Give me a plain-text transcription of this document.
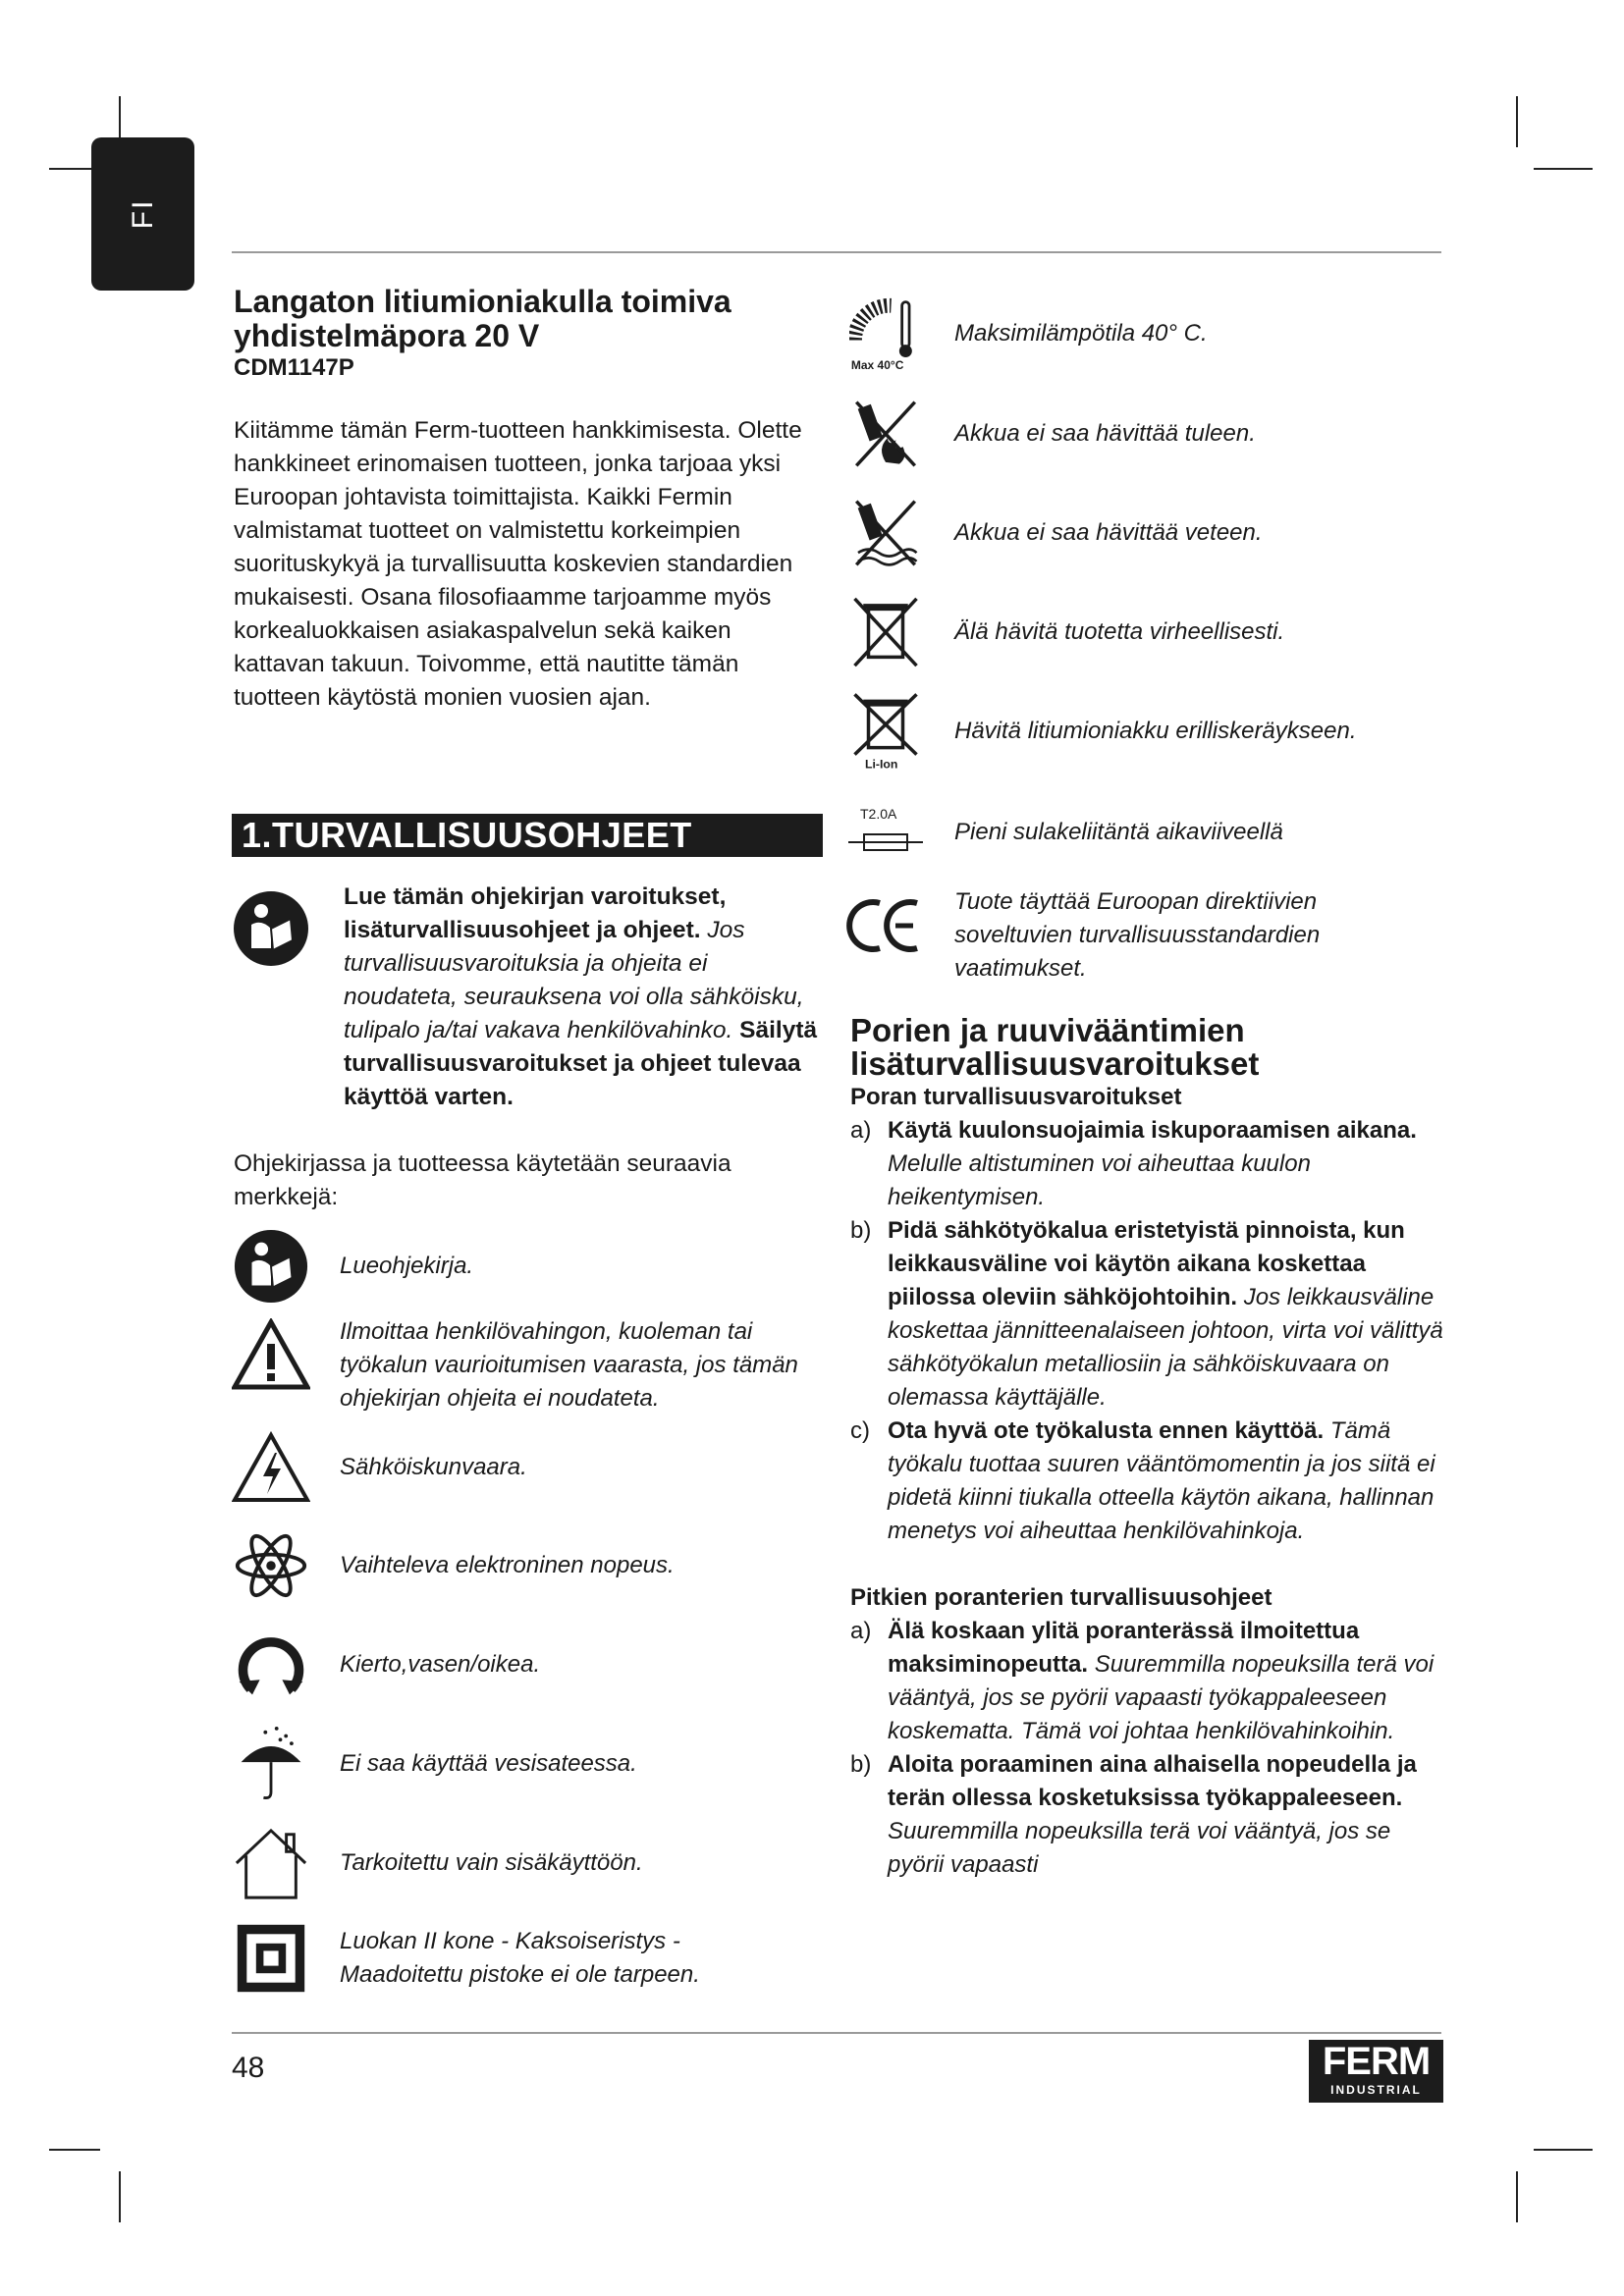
FI

Langaton litiumioniakulla toimiva

yhdistelmäpora 20 V

CDM1147P

Kiitämme tämän Ferm-tuotteen hankkimisesta. Olette hankkineet erinomaisen tuotteen, jonka tarjoaa yksi Euroopan johtavista toimittajista. Kaikki Fermin valmistamat tuotteet on valmistettu korkeimpien suorituskykyä ja turvallisuutta koskevien standardien mukaisesti. Osana filosofiaamme tarjoamme myös korkealuokkaisen asiakaspalvelun sekä kaiken kattavan takuun. Toivomme, että nautitte tämän tuotteen käytöstä monien vuosien ajan.

1.TURVALLISUUSOHJEET
Lue tämän ohjekirjan varoitukset, lisäturvallisuusohjeet ja ohjeet. Jos turvallisuusvaroituksia ja ohjeita ei noudateta, seurauksena voi olla sähköisku, tulipalo ja/tai vakava henkilövahinko. Säilytä turvallisuusvaroitukset ja ohjeet tulevaa käyttöä varten.

Ohjekirjassa ja tuotteessa käytetään seuraavia merkkejä:

Lueohjekirja.
Ilmoittaa henkilövahingon, kuoleman tai työkalun vaurioitumisen vaarasta, jos tämän ohjekirjan ohjeita ei noudateta.
Sähköiskunvaara.
Vaihteleva elektroninen nopeus.
Kierto,vasen/oikea.
Ei saa käyttää vesisateessa.
Tarkoitettu vain sisäkäyttöön.
Luokan II kone - Kaksoiseristys - Maadoitettu pistoke ei ole tarpeen.
Max 40°C
Maksimilämpötila 40° C.
Akkua ei saa hävittää tuleen.
Akkua ei saa hävittää veteen.
Älä hävitä tuotetta virheellisesti.
Li-Ion
Hävitä litiumioniakku erilliskeräykseen.
T2.0A
Pieni sulakeliitäntä aikaviiveellä
Tuote täyttää Euroopan direktiivien soveltuvien turvallisuusstandardien vaatimukset.

Porien ja ruuvivääntimien

lisäturvallisuusvaroitukset

Poran turvallisuusvaroitukset

a) Käytä kuulonsuojaimia iskuporaamisen aikana. Melulle altistuminen voi aiheuttaa kuulon heikentymisen.
b) Pidä sähkötyökalua eristetyistä pinnoista, kun leikkausväline voi käytön aikana koskettaa piilossa oleviin sähköjohtoihin. Jos leikkausväline koskettaa jännitteenalaiseen johtoon, virta voi välittyä sähkötyökalun metalliosiin ja sähköiskuvaara on olemassa käyttäjälle.
c) Ota hyvä ote työkalusta ennen käyttöä. Tämä työkalu tuottaa suuren vääntömomentin ja jos siitä ei pidetä kiinni tiukalla otteella käytön aikana, hallinnan menetys voi aiheuttaa henkilövahinkoja.

Pitkien poranterien turvallisuusohjeet

a) Älä koskaan ylitä poranterässä ilmoitettua maksiminopeutta. Suuremmilla nopeuksilla terä voi vääntyä, jos se pyörii vapaasti työkappaleeseen koskematta. Tämä voi johtaa henkilövahinkoihin.
b) Aloita poraaminen aina alhaisella nopeudella ja terän ollessa kosketuksissa työkappaleeseen. Suuremmilla nopeuksilla terä voi vääntyä, jos se pyörii vapaasti
48	FERM
INDUSTRIAL
